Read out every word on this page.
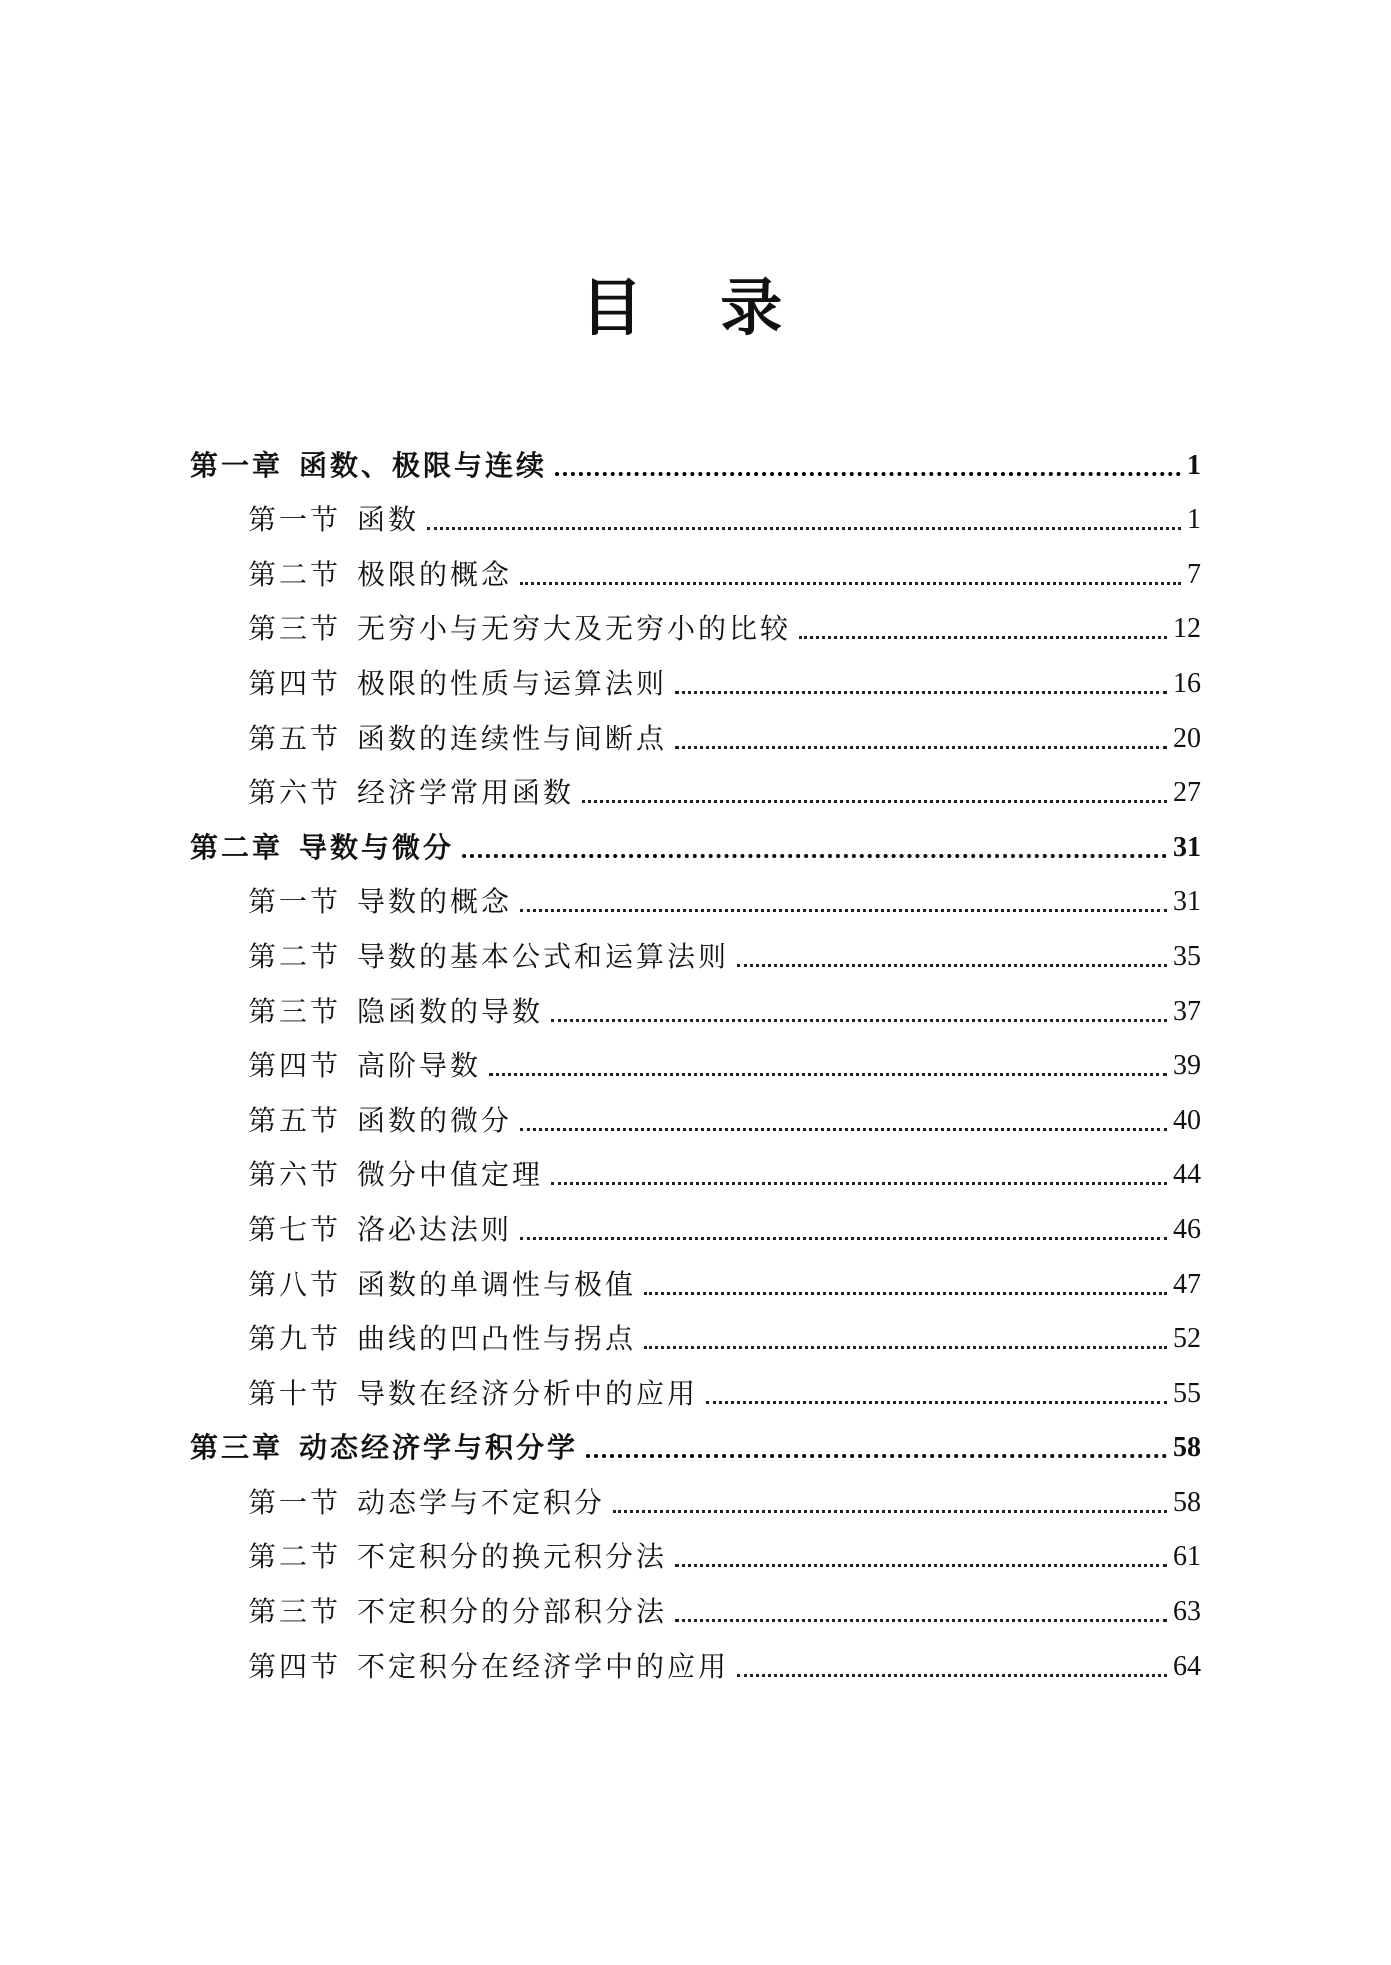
目 录
第一章 函数、极限与连续	1
第一节 函数	1
第二节 极限的概念	7
第三节 无穷小与无穷大及无穷小的比较	12
第四节 极限的性质与运算法则	16
第五节 函数的连续性与间断点	20
第六节 经济学常用函数	27
第二章 导数与微分	31
第一节 导数的概念	31
第二节 导数的基本公式和运算法则	35
第三节 隐函数的导数	37
第四节 高阶导数	39
第五节 函数的微分	40
第六节 微分中值定理	44
第七节 洛必达法则	46
第八节 函数的单调性与极值	47
第九节 曲线的凹凸性与拐点	52
第十节 导数在经济分析中的应用	55
第三章 动态经济学与积分学	58
第一节 动态学与不定积分	58
第二节 不定积分的换元积分法	61
第三节 不定积分的分部积分法	63
第四节 不定积分在经济学中的应用	64
